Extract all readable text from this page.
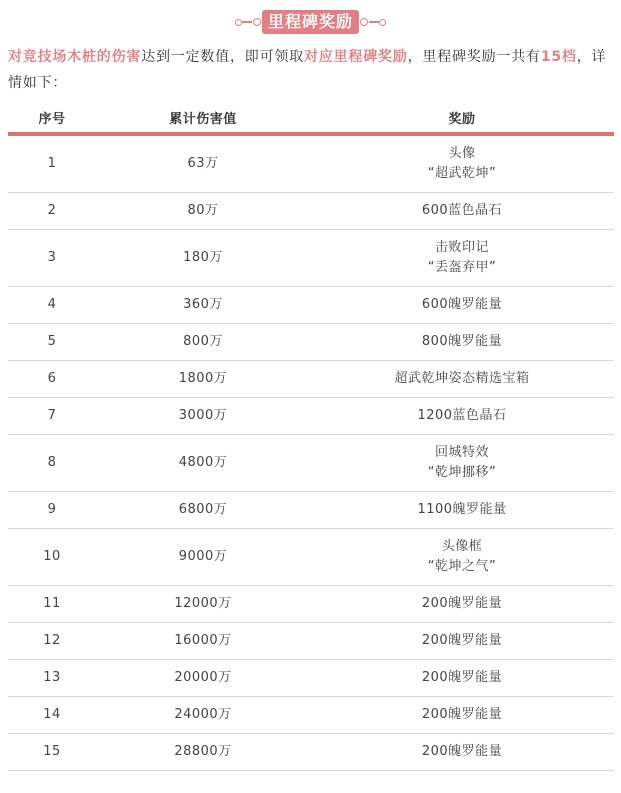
里程碑奖励
对竞技场木桩的伤害达到一定数值，即可领取对应里程碑奖励，里程碑奖励一共有15档，详情如下：
序号	累计伤害值	奖励
1	63万	头像
“超武乾坤”

2	80万	600蓝色晶石

3	180万	击败印记
“丢盔弃甲”

4	360万	600魄罗能量

5	800万	800魄罗能量

6	1800万	超武乾坤姿态精选宝箱

7	3000万	1200蓝色晶石

8	4800万	回城特效
“乾坤挪移”

9	6800万	1100魄罗能量

10	9000万	头像框
“乾坤之气”

11	12000万	200魄罗能量

12	16000万	200魄罗能量

13	20000万	200魄罗能量

14	24000万	200魄罗能量

15	28800万	200魄罗能量
